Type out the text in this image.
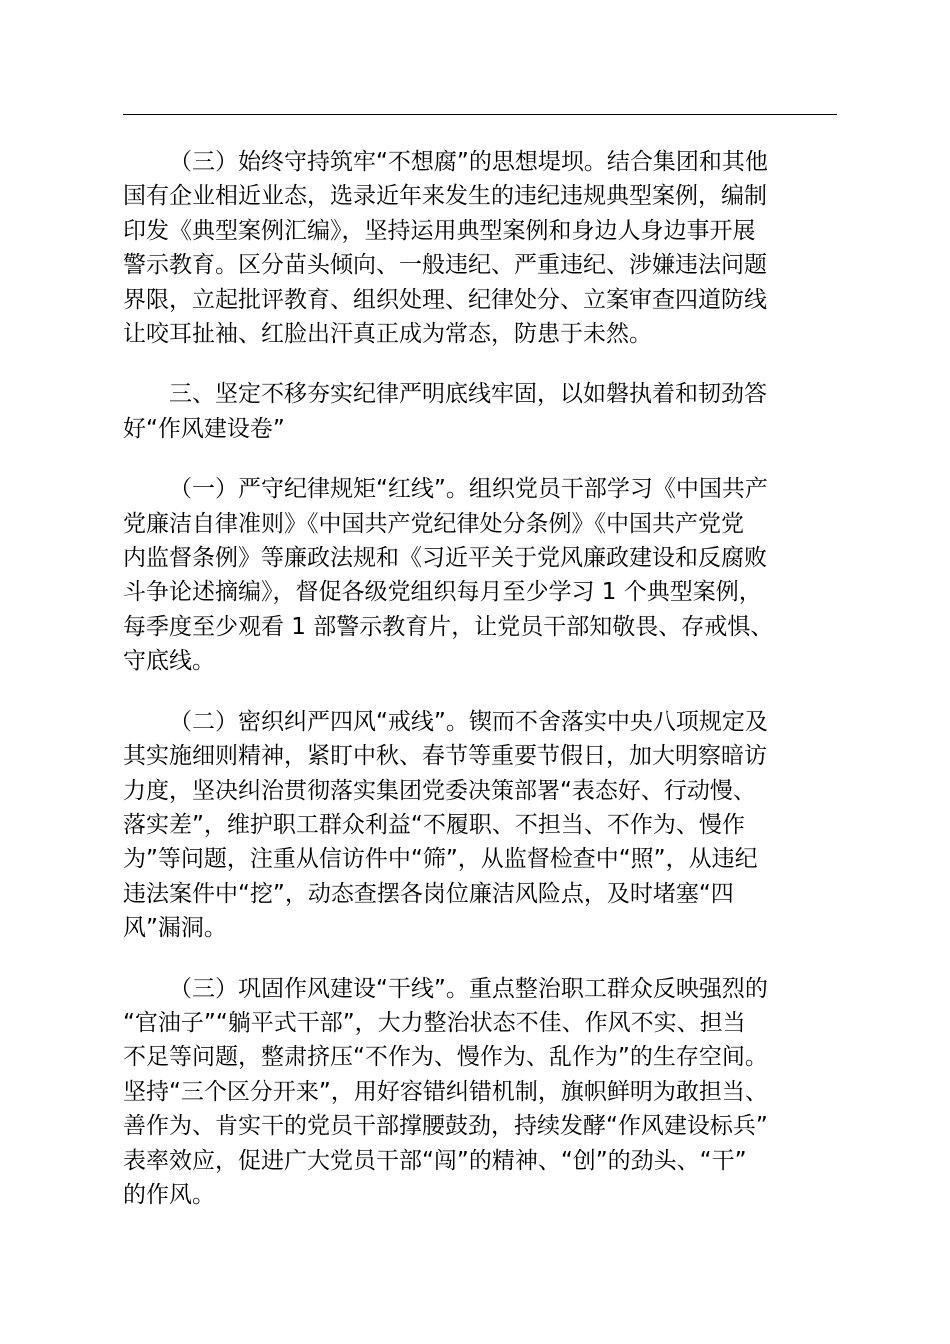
（三）始终守持筑牢“不想腐”的思想堤坝。结合集团和其他
国有企业相近业态，选录近年来发生的违纪违规典型案例，编制
印发《典型案例汇编》，坚持运用典型案例和身边人身边事开展
警示教育。区分苗头倾向、一般违纪、严重违纪、涉嫌违法问题
界限，立起批评教育、组织处理、纪律处分、立案审查四道防线
让咬耳扯袖、红脸出汗真正成为常态，防患于未然。
三、坚定不移夯实纪律严明底线牢固，以如磐执着和韧劲答
好“作风建设卷”
（一）严守纪律规矩“红线”。组织党员干部学习《中国共产
党廉洁自律准则》《中国共产党纪律处分条例》《中国共产党党
内监督条例》等廉政法规和《习近平关于党风廉政建设和反腐败
斗争论述摘编》，督促各级党组织每月至少学习 1 个典型案例，
每季度至少观看 1 部警示教育片，让党员干部知敬畏、存戒惧、
守底线。
（二）密织纠严四风“戒线”。锲而不舍落实中央八项规定及
其实施细则精神，紧盯中秋、春节等重要节假日，加大明察暗访
力度，坚决纠治贯彻落实集团党委决策部署“表态好、行动慢、
落实差”，维护职工群众利益“不履职、不担当、不作为、慢作
为”等问题，注重从信访件中“筛”，从监督检查中“照”，从违纪
违法案件中“挖”，动态查摆各岗位廉洁风险点，及时堵塞“四
风”漏洞。
（三）巩固作风建设“干线”。重点整治职工群众反映强烈的
“官油子”“躺平式干部”，大力整治状态不佳、作风不实、担当
不足等问题，整肃挤压“不作为、慢作为、乱作为”的生存空间。
坚持“三个区分开来”，用好容错纠错机制，旗帜鲜明为敢担当、
善作为、肯实干的党员干部撑腰鼓劲，持续发酵“作风建设标兵”
表率效应，促进广大党员干部“闯”的精神、“创”的劲头、“干”
的作风。
